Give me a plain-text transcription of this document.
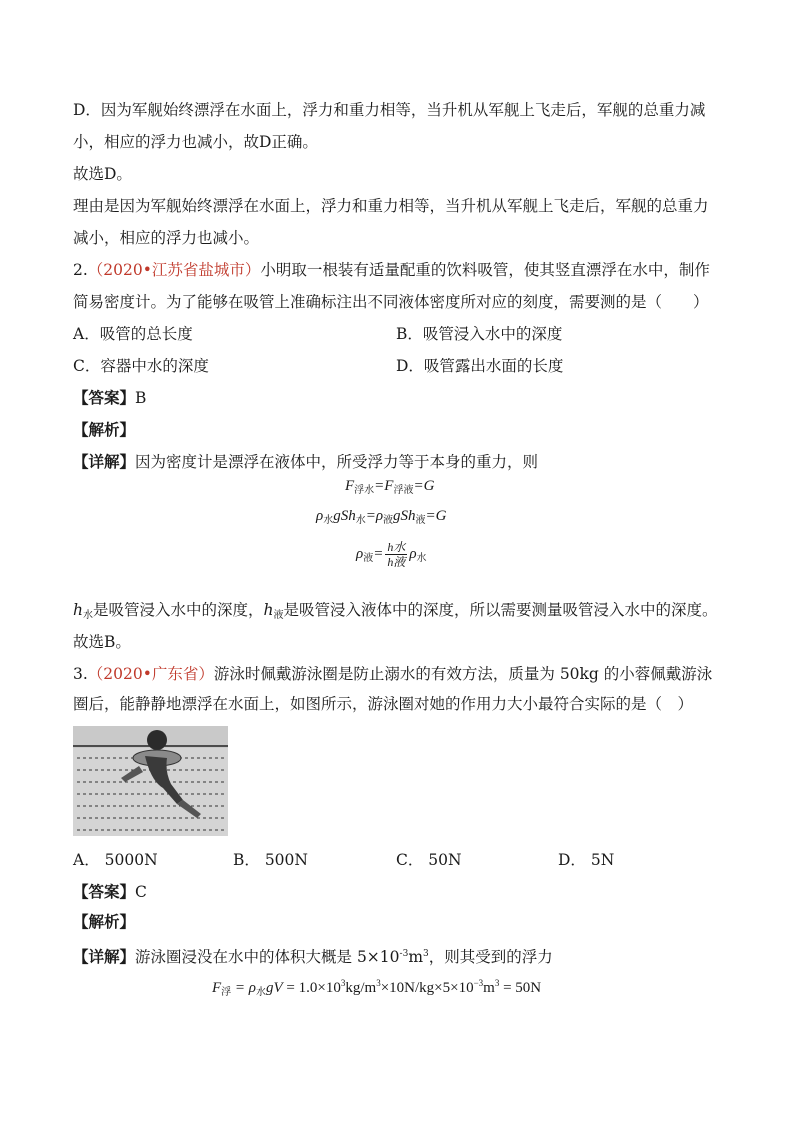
D．因为军舰始终漂浮在水面上，浮力和重力相等，当升机从军舰上飞走后，军舰的总重力减
小，相应的浮力也减小，故D正确。
故选D。
理由是因为军舰始终漂浮在水面上，浮力和重力相等，当升机从军舰上飞走后，军舰的总重力
减小，相应的浮力也减小。
2.（2020•江苏省盐城市）小明取一根装有适量配重的饮料吸管，使其竖直漂浮在水中，制作
简易密度计。为了能够在吸管上准确标注出不同液体密度所对应的刻度，需要测的是（　　）
A．吸管的总长度	B．吸管浸入水中的深度
C．容器中水的深度	D．吸管露出水面的长度
【答案】B
【解析】
【详解】因为密度计是漂浮在液体中，所受浮力等于本身的重力，则
$F_{浮水}=F_{浮液}=G$
$\rho_水gSh_水=\rho_液gSh_液=G$
$\rho_液= \frac{\text{h水}}{\text{h液}} \rho_水$
$h_水$是吸管浸入水中的深度，$h_液$是吸管浸入液体中的深度，所以需要测量吸管浸入水中的深度。
故选B。
3.（2020•广东省）游泳时佩戴游泳圈是防止溺水的有效方法，质量为 50kg 的小蓉佩戴游泳
圈后，能静静地漂浮在水面上，如图所示，游泳圈对她的作用力大小最符合实际的是（　）
A． 5000N	B． 500N	C． 50N	D． 5N
【答案】C
【解析】
【详解】游泳圈浸没在水中的体积大概是 $5\times 10^{-3}m^3$，则其受到的浮力
$F_浮 = \rho_水gV = 1.0\times 10^3kg/m^3\times 10N/kg\times 5\times 10^{-3}m^3 = 50N$
